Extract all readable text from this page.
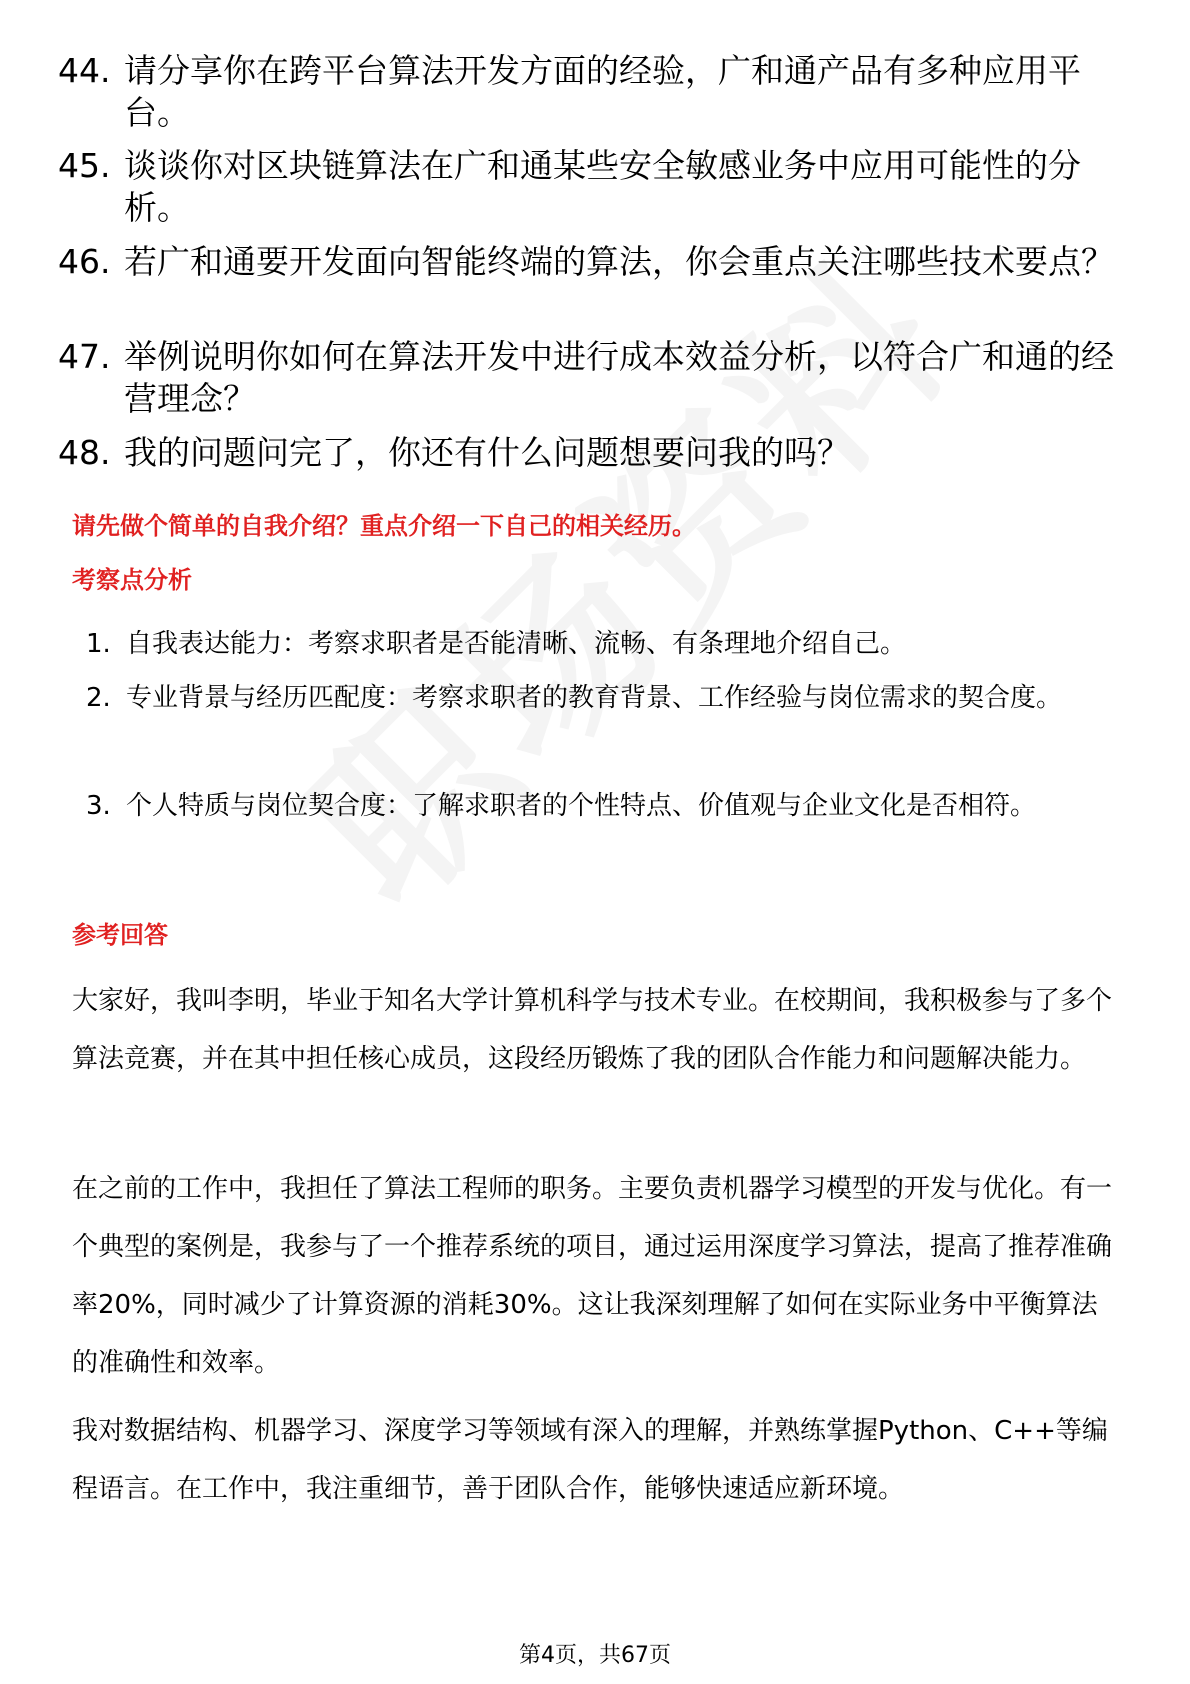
44. 请分享你在跨平台算法开发方面的经验，广和通产品有多种应用平台。
45. 谈谈你对区块链算法在广和通某些安全敏感业务中应用可能性的分析。
46. 若广和通要开发面向智能终端的算法，你会重点关注哪些技术要点？
47. 举例说明你如何在算法开发中进行成本效益分析，以符合广和通的经营理念？
48. 我的问题问完了，你还有什么问题想要问我的吗？
请先做个简单的自我介绍？重点介绍一下自己的相关经历。
考察点分析
1. 自我表达能力：考察求职者是否能清晰、流畅、有条理地介绍自己。
2. 专业背景与经历匹配度：考察求职者的教育背景、工作经验与岗位需求的契合度。
3. 个人特质与岗位契合度：了解求职者的个性特点、价值观与企业文化是否相符。
参考回答
大家好，我叫李明，毕业于知名大学计算机科学与技术专业。在校期间，我积极参与了多个算法竞赛，并在其中担任核心成员，这段经历锻炼了我的团队合作能力和问题解决能力。
在之前的工作中，我担任了算法工程师的职务。主要负责机器学习模型的开发与优化。有一个典型的案例是，我参与了一个推荐系统的项目，通过运用深度学习算法，提高了推荐准确率20%，同时减少了计算资源的消耗30%。这让我深刻理解了如何在实际业务中平衡算法的准确性和效率。
我对数据结构、机器学习、深度学习等领域有深入的理解，并熟练掌握Python、C++等编程语言。在工作中，我注重细节，善于团队合作，能够快速适应新环境。
第4页，共67页
